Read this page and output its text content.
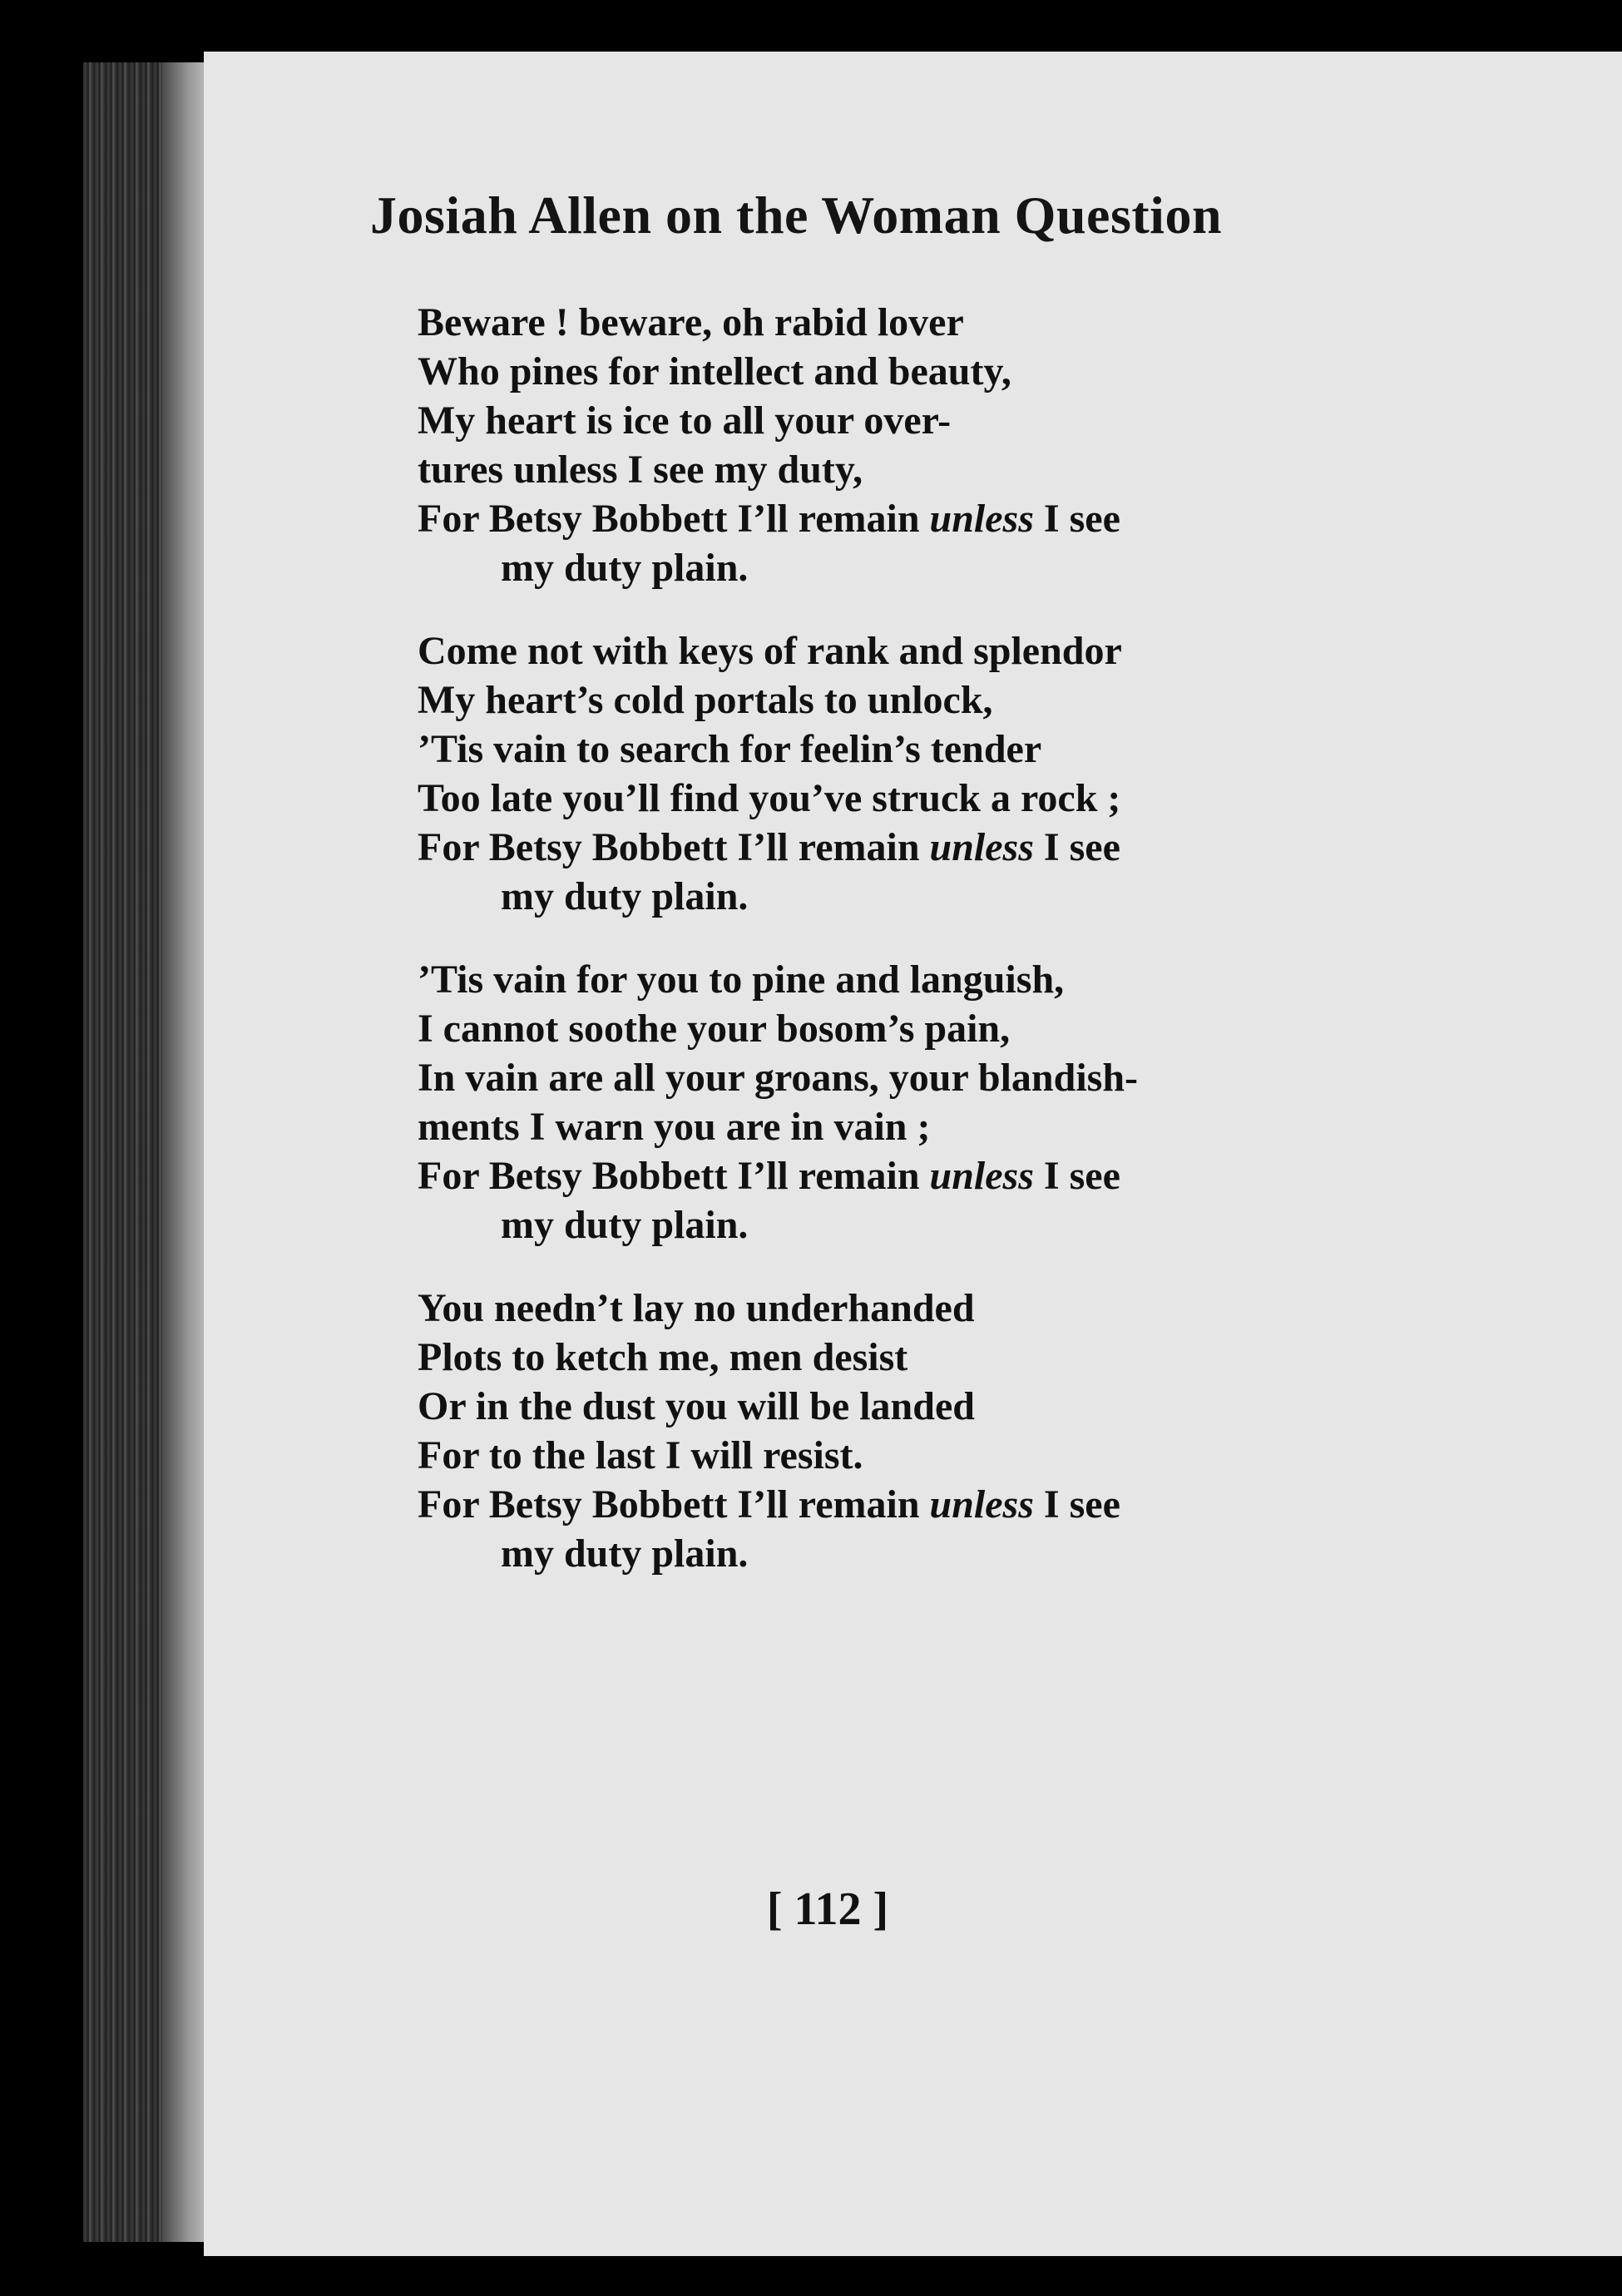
Josiah Allen on the Woman Question
Beware ! beware, oh rabid lover
Who pines for intellect and beauty,
My heart is ice to all your over-
tures unless I see my duty,
For Betsy Bobbett I’ll remain unless I see
my duty plain.
Come not with keys of rank and splendor
My heart’s cold portals to unlock,
’Tis vain to search for feelin’s tender
Too late you’ll find you’ve struck a rock ;
For Betsy Bobbett I’ll remain unless I see
my duty plain.
’Tis vain for you to pine and languish,
I cannot soothe your bosom’s pain,
In vain are all your groans, your blandish-
ments I warn you are in vain ;
For Betsy Bobbett I’ll remain unless I see
my duty plain.
You needn’t lay no underhanded
Plots to ketch me, men desist
Or in the dust you will be landed
For to the last I will resist.
For Betsy Bobbett I’ll remain unless I see
my duty plain.
[ 112 ]
